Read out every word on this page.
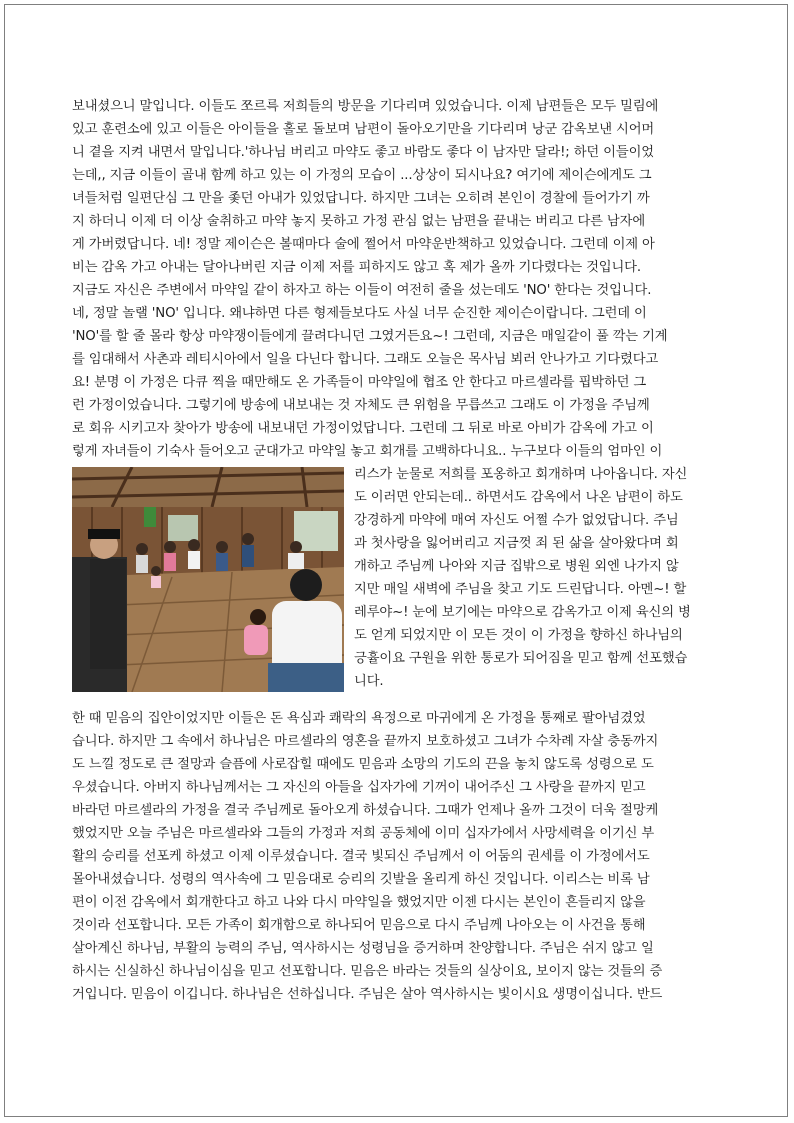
보내셨으니 말입니다. 이들도 쪼르륵 저희들의 방문을 기다리며 있었습니다. 이제 남편들은 모두 밀림에
있고 훈련소에 있고 이들은 아이들을 홀로 돌보며 남편이 돌아오기만을 기다리며 낭군 감옥보낸 시어머
니 곁을 지켜 내면서 말입니다.'하나님 버리고 마약도 좋고 바람도 좋다 이 남자만 달라!; 하던 이들이었
는데,, 지금 이들이 골내 함께 하고 있는 이 가정의 모습이 ...상상이 되시나요? 여기에 제이슨에게도 그
녀들처럼 일편단심 그 만을 좇던 아내가 있었답니다. 하지만 그녀는 오히려 본인이 경찰에 들어가기 까
지 하더니 이제 더 이상 술취하고 마약 놓지 못하고 가정 관심 없는 남편을 끝내는 버리고 다른 남자에
게 가버렸답니다. 네! 정말 제이슨은 볼때마다 술에 쩔어서 마약운반책하고 있었습니다. 그런데 이제 아
비는 감옥 가고 아내는 달아나버린 지금 이제 저를 피하지도 않고 혹 제가 올까 기다렸다는 것입니다.
지금도 자신은 주변에서 마약일 같이 하자고 하는 이들이 여전히 줄을 섰는데도 'NO' 한다는 것입니다.
네, 정말 놀랠 'NO' 입니다. 왜냐하면 다른 형제들보다도 사실 너무 순진한 제이슨이랍니다. 그런데 이
'NO'를 할 줄 몰라 항상 마약쟁이들에게 끌려다니던 그였거든요~! 그런데, 지금은 매일같이 풀 깍는 기계
를 임대해서 사촌과 레티시아에서 일을 다닌다 합니다. 그래도 오늘은 목사님 뵈러 안나가고 기다렸다고
요! 분명 이 가정은 다큐 찍을 때만해도 온 가족들이 마약일에 협조 안 한다고 마르셀라를 핍박하던 그
런 가정이었습니다. 그렇기에 방송에 내보내는 것 자체도 큰 위험을 무릅쓰고 그래도 이 가정을 주님께
로 회유 시키고자 찾아가 방송에 내보내던 가정이었답니다. 그런데 그 뒤로 바로 아비가 감옥에 가고 이
렇게 자녀들이 기숙사 들어오고 군대가고 마약일 놓고 회개를 고백하다니요.. 누구보다 이들의 엄마인 이
리스가 눈물로 저희를 포옹하고 회개하며 나아옵니다. 자신
도 이러면 안되는데.. 하면서도 감옥에서 나온 남편이 하도
강경하게 마약에 매여 자신도 어쩔 수가 없었답니다. 주님
과 첫사랑을 잃어버리고 지금껏 죄 된 삶을 살아왔다며 회
개하고 주님께 나아와 지금 집밖으로 병원 외엔 나가지 않
지만 매일 새벽에 주님을 찾고 기도 드린답니다. 아멘~! 할
레루야~! 눈에 보기에는 마약으로 감옥가고 이제 육신의 병
도 얻게 되었지만 이 모든 것이 이 가정을 향하신 하나님의
긍휼이요 구원을 위한 통로가 되어짐을 믿고 함께 선포했습
니다.
한 때 믿음의 집안이었지만 이들은 돈 욕심과 쾌락의 욕정으로 마귀에게 온 가정을 통째로 팔아넘겼었
습니다. 하지만 그 속에서 하나님은 마르셀라의 영혼을 끝까지 보호하셨고 그녀가 수차례 자살 충동까지
도 느낄 정도로 큰 절망과 슬픔에 사로잡힐 때에도 믿음과 소망의 기도의 끈을 놓치 않도록 성령으로 도
우셨습니다. 아버지 하나님께서는 그 자신의 아들을 십자가에 기꺼이 내어주신 그 사랑을 끝까지 믿고
바라던 마르셀라의 가정을 결국 주님께로 돌아오게 하셨습니다. 그때가 언제나 올까 그것이 더욱 절망케
했었지만 오늘 주님은 마르셀라와 그들의 가정과 저희 공동체에 이미 십자가에서 사망세력을 이기신 부
활의 승리를 선포케 하셨고 이제 이루셨습니다. 결국 빛되신 주님께서 이 어둠의 권세를 이 가정에서도
몰아내셨습니다. 성령의 역사속에 그 믿음대로 승리의 깃발을 올리게 하신 것입니다. 이리스는 비록 남
편이 이전 감옥에서 회개한다고 하고 나와 다시 마약일을 했었지만 이젠 다시는 본인이 흔들리지 않을
것이라 선포합니다. 모든 가족이 회개함으로 하나되어 믿음으로 다시 주님께 나아오는 이 사건을 통해
살아계신 하나님, 부활의 능력의 주님, 역사하시는 성령님을 증거하며 찬양합니다. 주님은 쉬지 않고 일
하시는 신실하신 하나님이심을 믿고 선포합니다. 믿음은 바라는 것들의 실상이요, 보이지 않는 것들의 증
거입니다. 믿음이 이깁니다. 하나님은 선하십니다. 주님은 살아 역사하시는 빛이시요 생명이십니다. 반드
